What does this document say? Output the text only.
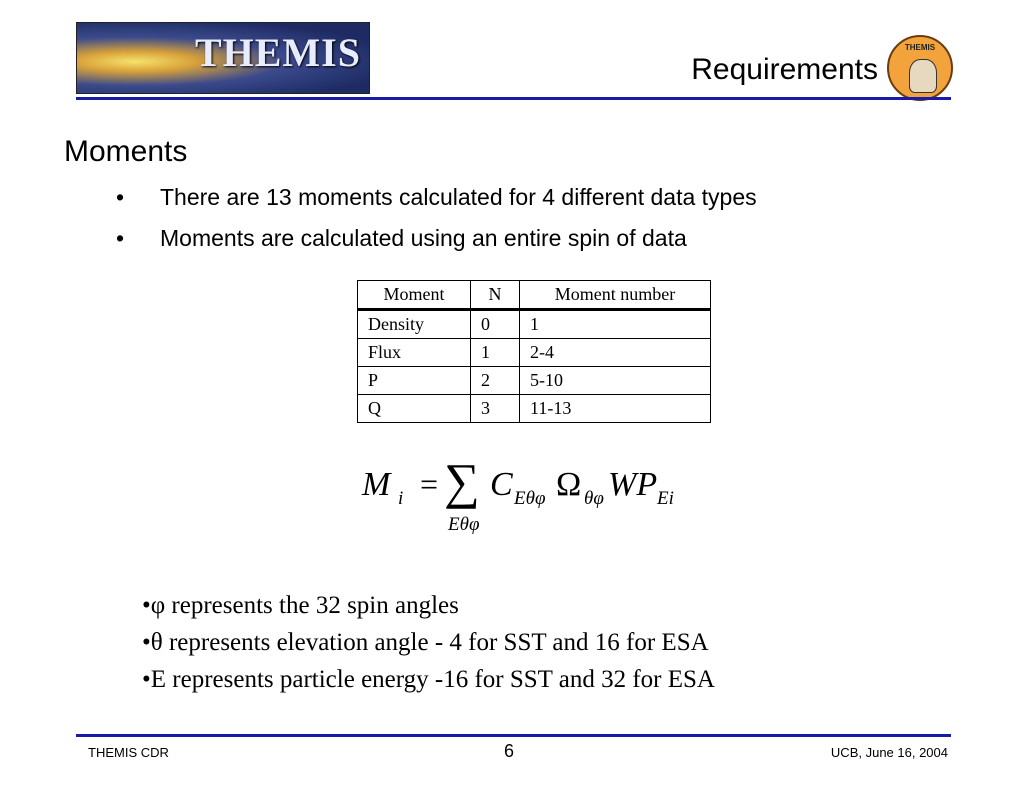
THEMIS	Requirements
THEMIS
Moments
• There are 13 moments calculated for 4 different data types
• Moments are calculated using an entire spin of data
Moment	N	Moment number
Density	0	1
Flux	1	2-4
P	2	5-10
Q	3	11-13
M i = ∑
Eθφ
C Eθφ Ω θφ WP Ei
•φ represents the 32 spin angles
•θ represents elevation angle - 4 for SST and 16 for ESA
•E represents particle energy -16 for SST and 32 for ESA
THEMIS CDR	6	UCB, June 16, 2004
